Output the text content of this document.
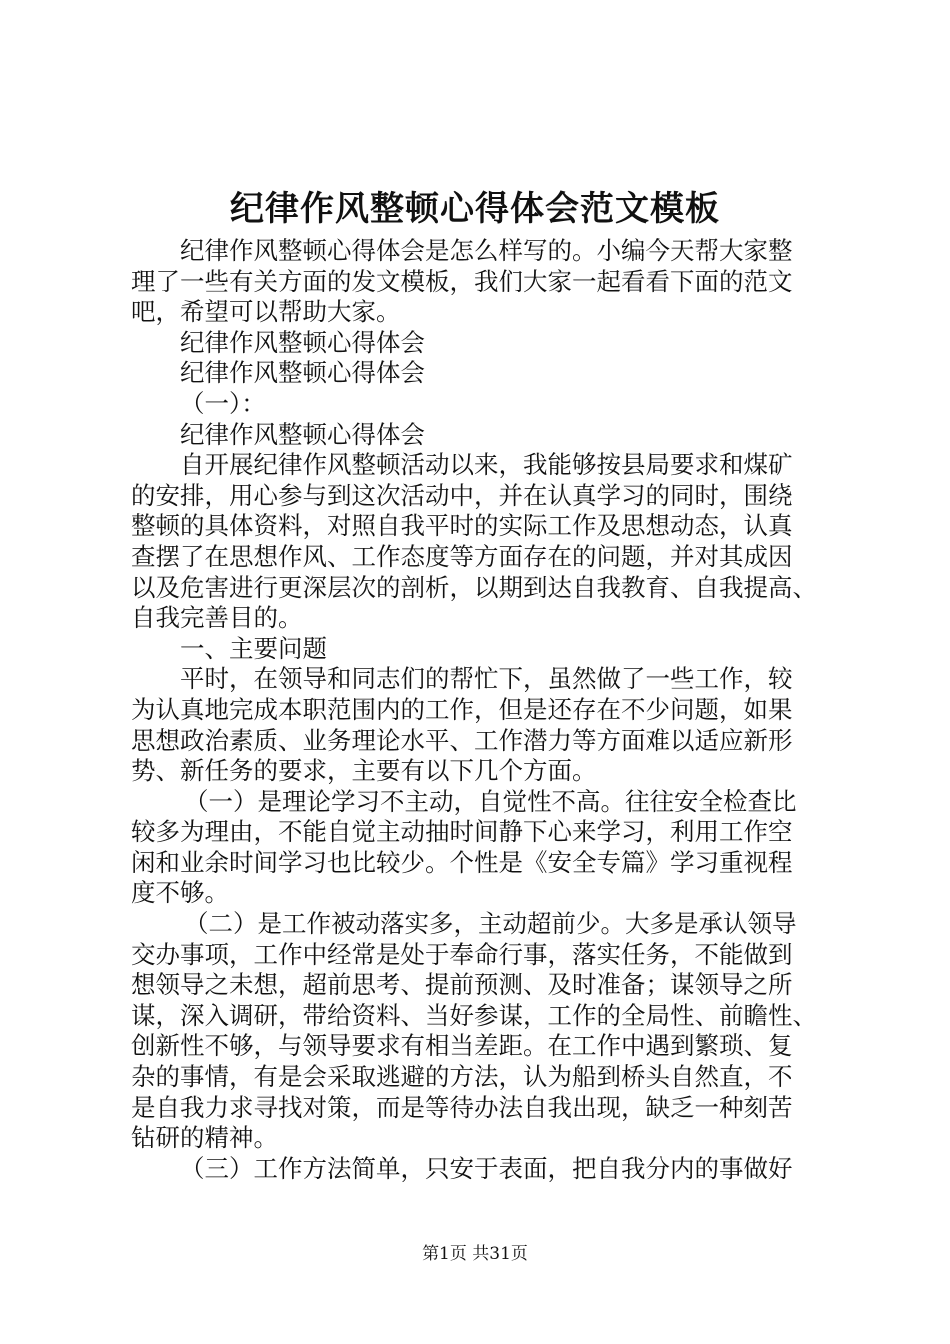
纪律作风整顿心得体会范文模板
纪律作风整顿心得体会是怎么样写的。小编今天帮大家整
理了一些有关方面的发文模板，我们大家一起看看下面的范文
吧，希望可以帮助大家。
纪律作风整顿心得体会
纪律作风整顿心得体会
（一）：
纪律作风整顿心得体会
自开展纪律作风整顿活动以来，我能够按县局要求和煤矿
的安排，用心参与到这次活动中，并在认真学习的同时，围绕
整顿的具体资料，对照自我平时的实际工作及思想动态，认真
查摆了在思想作风、工作态度等方面存在的问题，并对其成因
以及危害进行更深层次的剖析，以期到达自我教育、自我提高、
自我完善目的。
一、主要问题
平时，在领导和同志们的帮忙下，虽然做了一些工作，较
为认真地完成本职范围内的工作，但是还存在不少问题，如果
思想政治素质、业务理论水平、工作潜力等方面难以适应新形
势、新任务的要求，主要有以下几个方面。
（一）是理论学习不主动，自觉性不高。往往安全检查比
较多为理由，不能自觉主动抽时间静下心来学习，利用工作空
闲和业余时间学习也比较少。个性是《安全专篇》学习重视程
度不够。
（二）是工作被动落实多，主动超前少。大多是承认领导
交办事项，工作中经常是处于奉命行事，落实任务，不能做到
想领导之未想，超前思考、提前预测、及时准备；谋领导之所
谋，深入调研，带给资料、当好参谋，工作的全局性、前瞻性、
创新性不够，与领导要求有相当差距。在工作中遇到繁琐、复
杂的事情，有是会采取逃避的方法，认为船到桥头自然直，不
是自我力求寻找对策，而是等待办法自我出现，缺乏一种刻苦
钻研的精神。
（三）工作方法简单，只安于表面，把自我分内的事做好
第1页 共31页
